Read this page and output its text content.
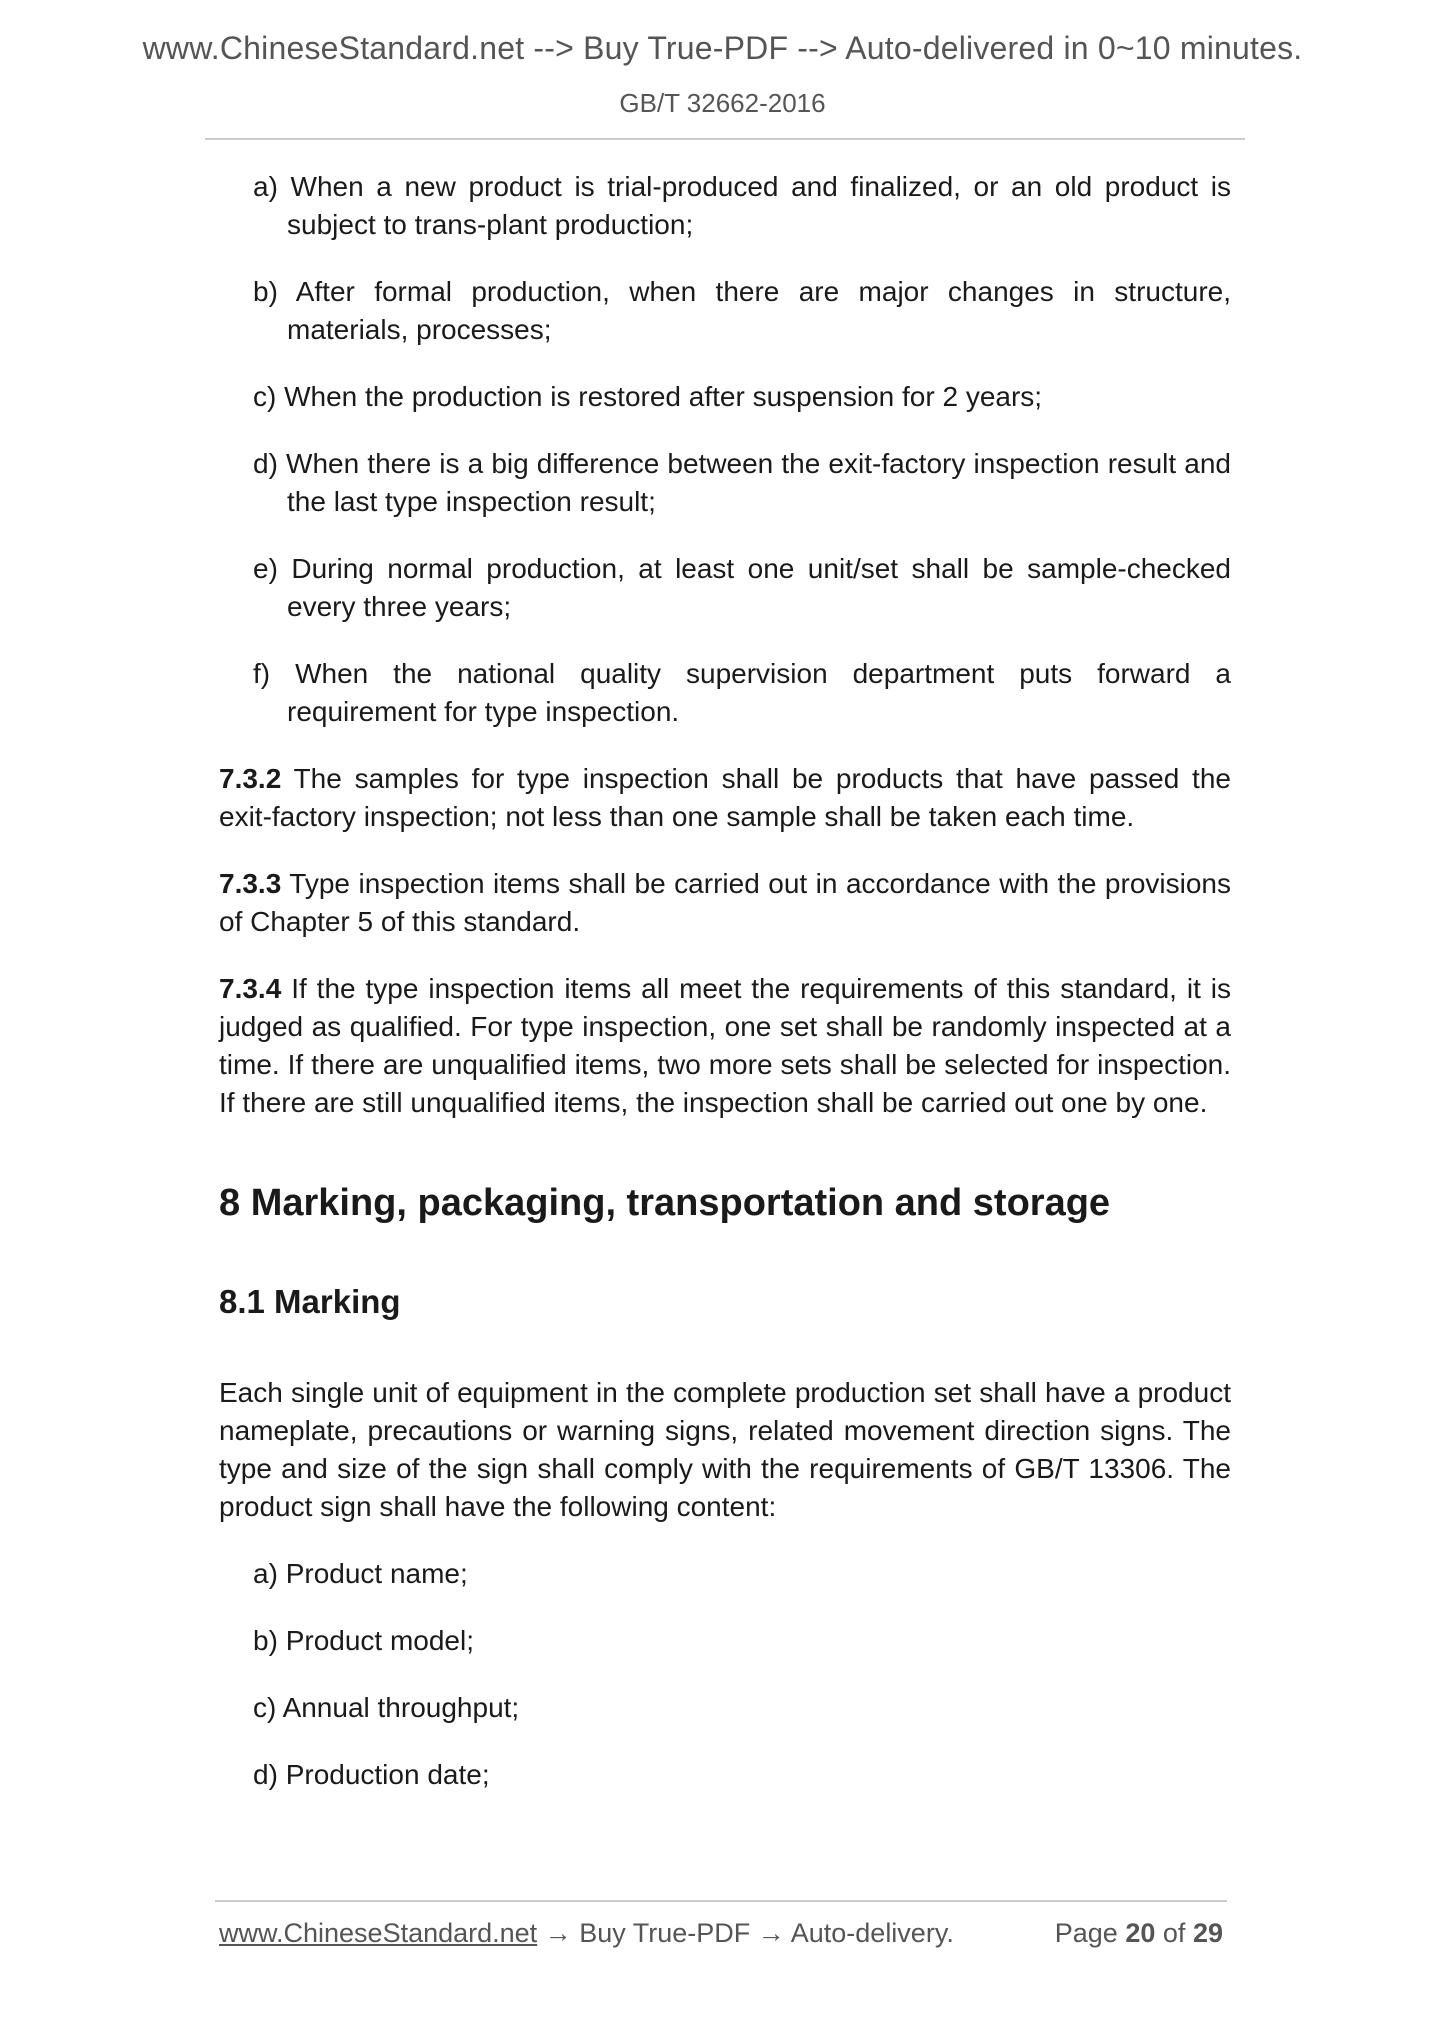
www.ChineseStandard.net --> Buy True-PDF --> Auto-delivered in 0~10 minutes.
GB/T 32662-2016
a) When a new product is trial-produced and finalized, or an old product is subject to trans-plant production;
b) After formal production, when there are major changes in structure, materials, processes;
c) When the production is restored after suspension for 2 years;
d) When there is a big difference between the exit-factory inspection result and the last type inspection result;
e) During normal production, at least one unit/set shall be sample-checked every three years;
f) When the national quality supervision department puts forward a requirement for type inspection.
7.3.2 The samples for type inspection shall be products that have passed the exit-factory inspection; not less than one sample shall be taken each time.
7.3.3 Type inspection items shall be carried out in accordance with the provisions of Chapter 5 of this standard.
7.3.4 If the type inspection items all meet the requirements of this standard, it is judged as qualified. For type inspection, one set shall be randomly inspected at a time. If there are unqualified items, two more sets shall be selected for inspection. If there are still unqualified items, the inspection shall be carried out one by one.
8 Marking, packaging, transportation and storage
8.1 Marking
Each single unit of equipment in the complete production set shall have a product nameplate, precautions or warning signs, related movement direction signs. The type and size of the sign shall comply with the requirements of GB/T 13306. The product sign shall have the following content:
a) Product name;
b) Product model;
c) Annual throughput;
d) Production date;
www.ChineseStandard.net → Buy True-PDF → Auto-delivery.	Page 20 of 29
